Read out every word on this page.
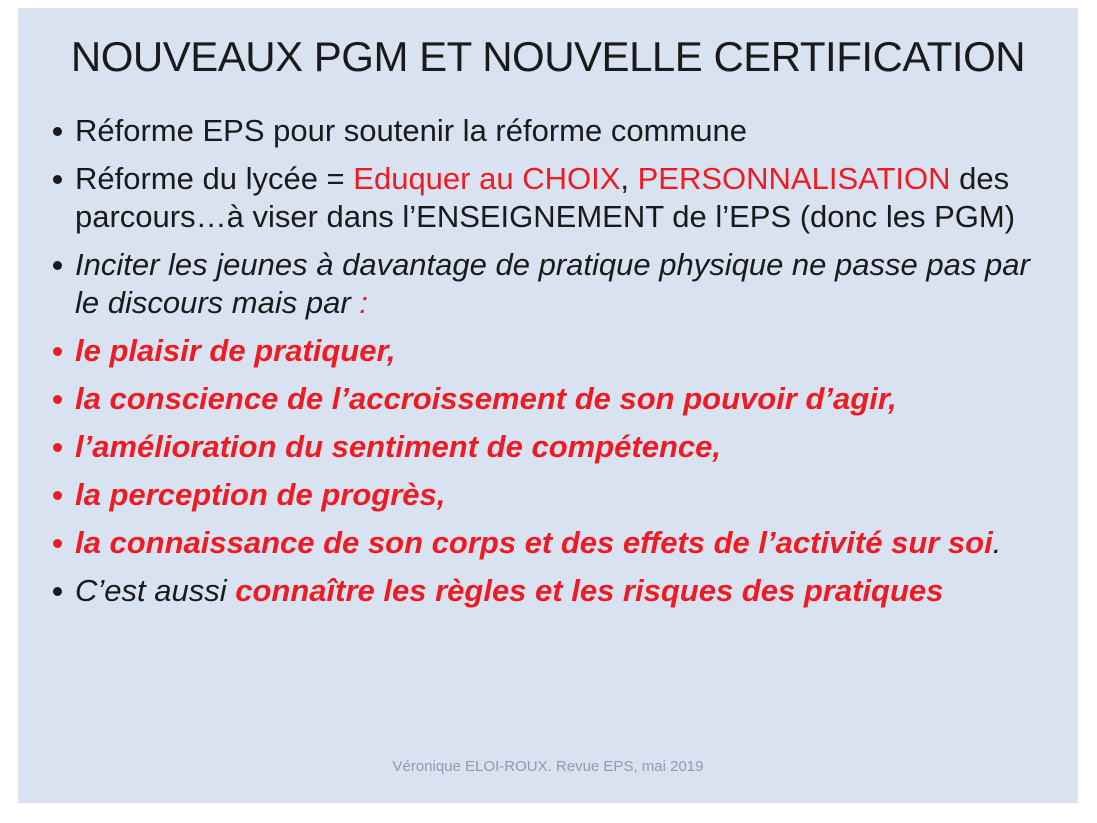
NOUVEAUX PGM ET NOUVELLE CERTIFICATION
Réforme EPS pour soutenir la réforme commune
Réforme du lycée = Eduquer au CHOIX, PERSONNALISATION des parcours…à viser dans l’ENSEIGNEMENT de l’EPS (donc les PGM)
Inciter les jeunes à davantage de pratique physique ne passe pas par le discours mais par :
le plaisir de pratiquer,
la conscience de l’accroissement de son pouvoir d’agir,
l’amélioration du sentiment de compétence,
la perception de progrès,
la connaissance de son corps et des effets de l’activité sur soi.
C’est aussi connaître les règles et les risques des pratiques
Véronique ELOI-ROUX. Revue EPS, mai 2019
